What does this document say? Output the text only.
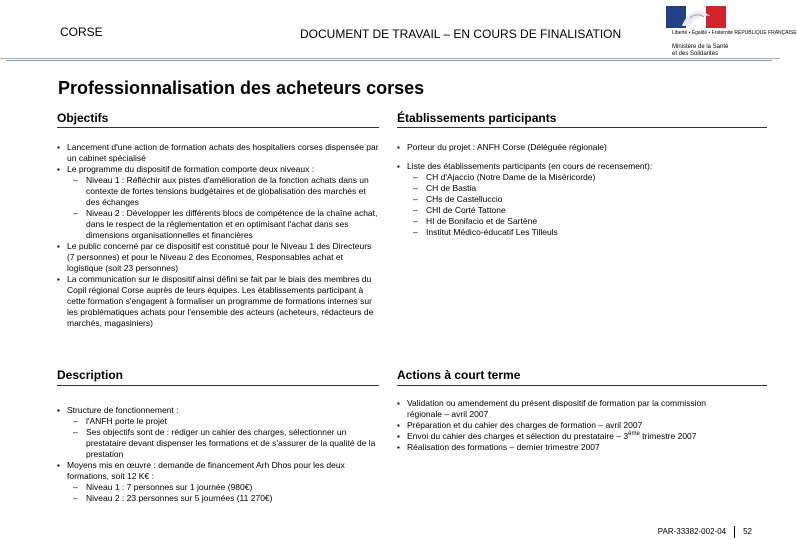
CORSE	DOCUMENT DE TRAVAIL – EN COURS DE FINALISATION	Liberté • Égalité • Fraternité RÉPUBLIQUE FRANÇAISE
Ministère de la Santé
et des Solidarités
Professionnalisation des acheteurs corses
Objectifs
▪ Lancement d'une action de formation achats des hospitaliers corses dispensée par un cabinet spécialisé
▪ Le programme du dispositif de formation comporte deux niveaux :
– Niveau 1 : Réfléchir aux pistes d'amélioration de la fonction achats dans un contexte de fortes tensions budgétaires et de globalisation des marchés et des échanges
– Niveau 2 : Développer les différents blocs de compétence de la chaîne achat, dans le respect de la réglementation et en optimisant l'achat dans ses dimensions organisationnelles et financières
▪ Le public concerné par ce dispositif est constitué pour le Niveau 1 des Directeurs (7 personnes) et pour le Niveau 2 des Economes, Responsables achat et logistique (soit 23 personnes)
▪ La communication sur le dispositif ainsi défini se fait par le biais des membres du Copil régional Corse auprès de leurs équipes. Les établissements participant à cette formation s'engagent à formaliser un programme de formations internes sur les problématiques achats pour l'ensemble des acteurs (acheteurs, rédacteurs de marchés, magasiniers)
Établissements participants
▪ Porteur du projet : ANFH Corse (Déléguée régionale)
▪ Liste des établissements participants (en cours de recensement):
– CH d'Ajaccio (Notre Dame de la Miséricorde)
– CH de Bastia
– CHs de Castelluccio
– CHI de Corté Tattone
– HI de Bonifacio et de Sartène
– Institut Médico-éducatif Les Tilleuls
Description
▪ Structure de fonctionnement :
– l'ANFH porte le projet
– Ses objectifs sont de : rédiger un cahier des charges, sélectionner un prestataire devant dispenser les formations et de s'assurer de la qualité de la prestation
▪ Moyens mis en œuvre : demande de financement Arh Dhos pour les deux formations, soit 12 K€ :
– Niveau 1 : 7 personnes sur 1 journée (980€)
– Niveau 2 : 23 personnes sur 5 journées (11 270€)
Actions à court terme
▪ Validation ou amendement du présent dispositif de formation par la commission régionale – avril 2007
▪ Préparation et du cahier des charges de formation – avril 2007
▪ Envoi du cahier des charges et sélection du prestataire – 3ème trimestre 2007
▪ Réalisation des formations – dernier trimestre 2007
PAR-33382-002-04 52
